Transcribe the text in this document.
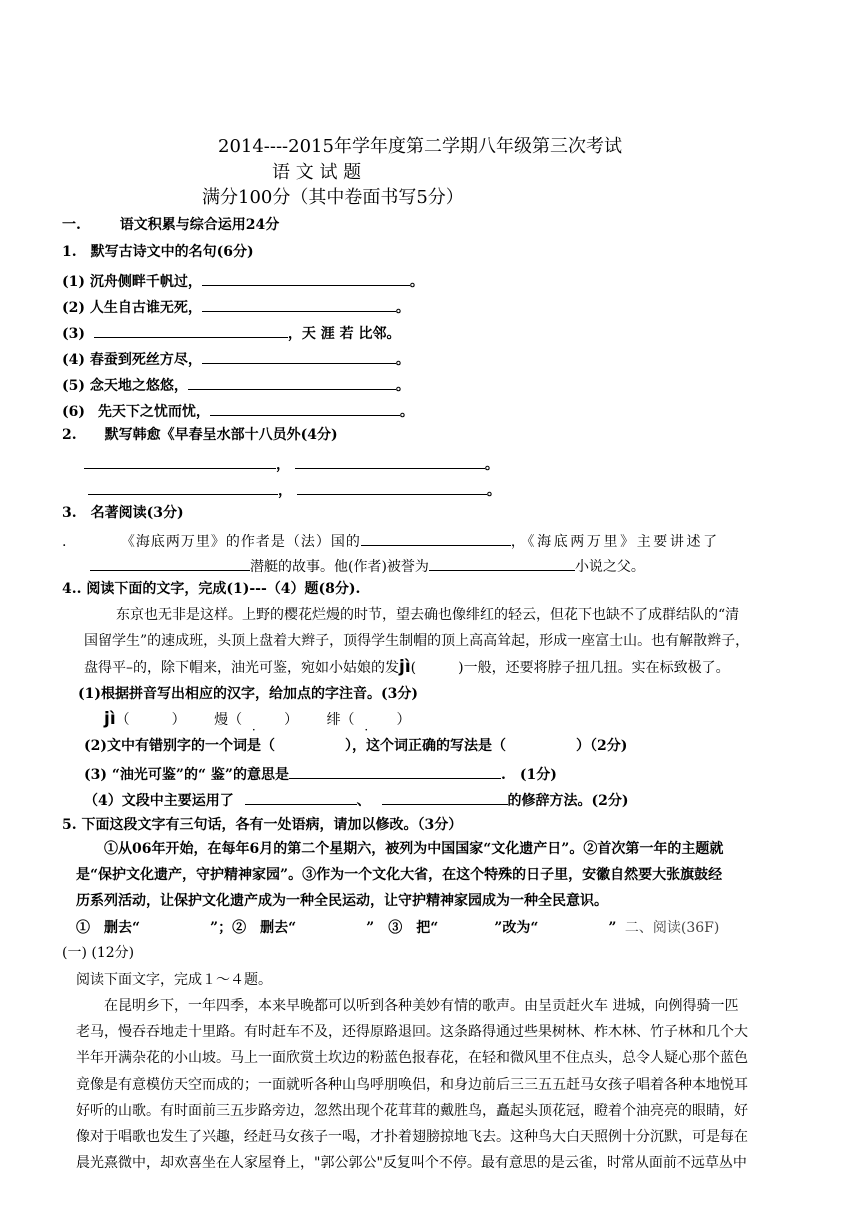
2014----2015年学年度第二学期八年级第三次考试
语 文 试 题
满分100分（其中卷面书写5分）
一.	语文积累与综合运用24分
1.　默写古诗文中的名句(6分)
(1) 沉舟侧畔千帆过，	。
(2) 人生自古谁无死，	。
(3)	，天 涯 若 比邻。
(4) 春蚕到死丝方尽，	。
(5) 念天地之悠悠，	。
(6) 先天下之忧而忧，	。
2.　　默写韩愈《早春呈水部十八员外(4分)
，	。
，	。
3.　名著阅读(3分)
.	《海底两万里》的作者是（法）国的	，《海底两万里》主要讲述了
潜艇的故事。他(作者)被誉为	小说之父。
4.. 阅读下面的文字，完成(1)---（4）题(8分).
东京也无非是这样。上野的樱花烂熳的时节，望去确也像绯红的轻云，但花下也缺不了成群结队的“清
国留学生”的速成班，头顶上盘着大辫子，顶得学生制帽的顶上高高耸起，形成一座富士山。也有解散辫子，
盘得平–的，除下帽来，油光可鉴，宛如小姑娘的发jì(　　　)一般，还要将脖子扭几扭。实在标致极了。
(1)根据拼音写出相应的汉字，给加点的字注音。(3分)
jì（　　　） 熳（　　　） · 绯（　　　） ·
(2)文中有错别字的一个词是（　　　　　），这个词正确的写法是（　　　　　）（2分)
(3) “油光可鉴”的“ 鉴”的意思是	.　(1分)
（4）文段中主要运用了	、	的修辞方法。(2分)
5. 下面这段文字有三句话，各有一处语病，请加以修改。（3分）
①从06年开始，在每年6月的第二个星期六，被列为中国国家“文化遗产日”。②首次第一年的主题就
是“保护文化遗产，守护精神家园”。③作为一个文化大省，在这个特殊的日子里，安徽自然要大张旗鼓经
历系列活动，让保护文化遗产成为一种全民运动，让守护精神家园成为一种全民意识。
①　删去“　　　　　”；②　删去“　　　　　”　③　把“　　　　”改为“　　　　　” 二、阅读(36F)
(一) (12分)
阅读下面文字，完成１～４题。
在昆明乡下，一年四季，本来早晚都可以听到各种美妙有情的歌声。由呈贡赶火车 进城，向例得骑一匹
老马，慢吞吞地走十里路。有时赶车不及，还得原路退回。这条路得通过些果树林、柞木林、竹子林和几个大
半年开满杂花的小山坡。马上一面欣赏土坎边的粉蓝色报春花，在轻和微风里不住点头，总令人疑心那个蓝色
竟像是有意模仿天空而成的；一面就听各种山鸟呼朋唤侣，和身边前后三三五五赶马女孩子唱着各种本地悦耳
好听的山歌。有时面前三五步路旁边，忽然出现个花茸茸的戴胜鸟，矗起头顶花冠，瞪着个油亮亮的眼睛，好
像对于唱歌也发生了兴趣，经赶马女孩子一喝，才扑着翅膀掠地飞去。这种鸟大白天照例十分沉默，可是每在
晨光熹微中，却欢喜坐在人家屋脊上，"郭公郭公"反复叫个不停。最有意思的是云雀，时常从面前不远草丛中
